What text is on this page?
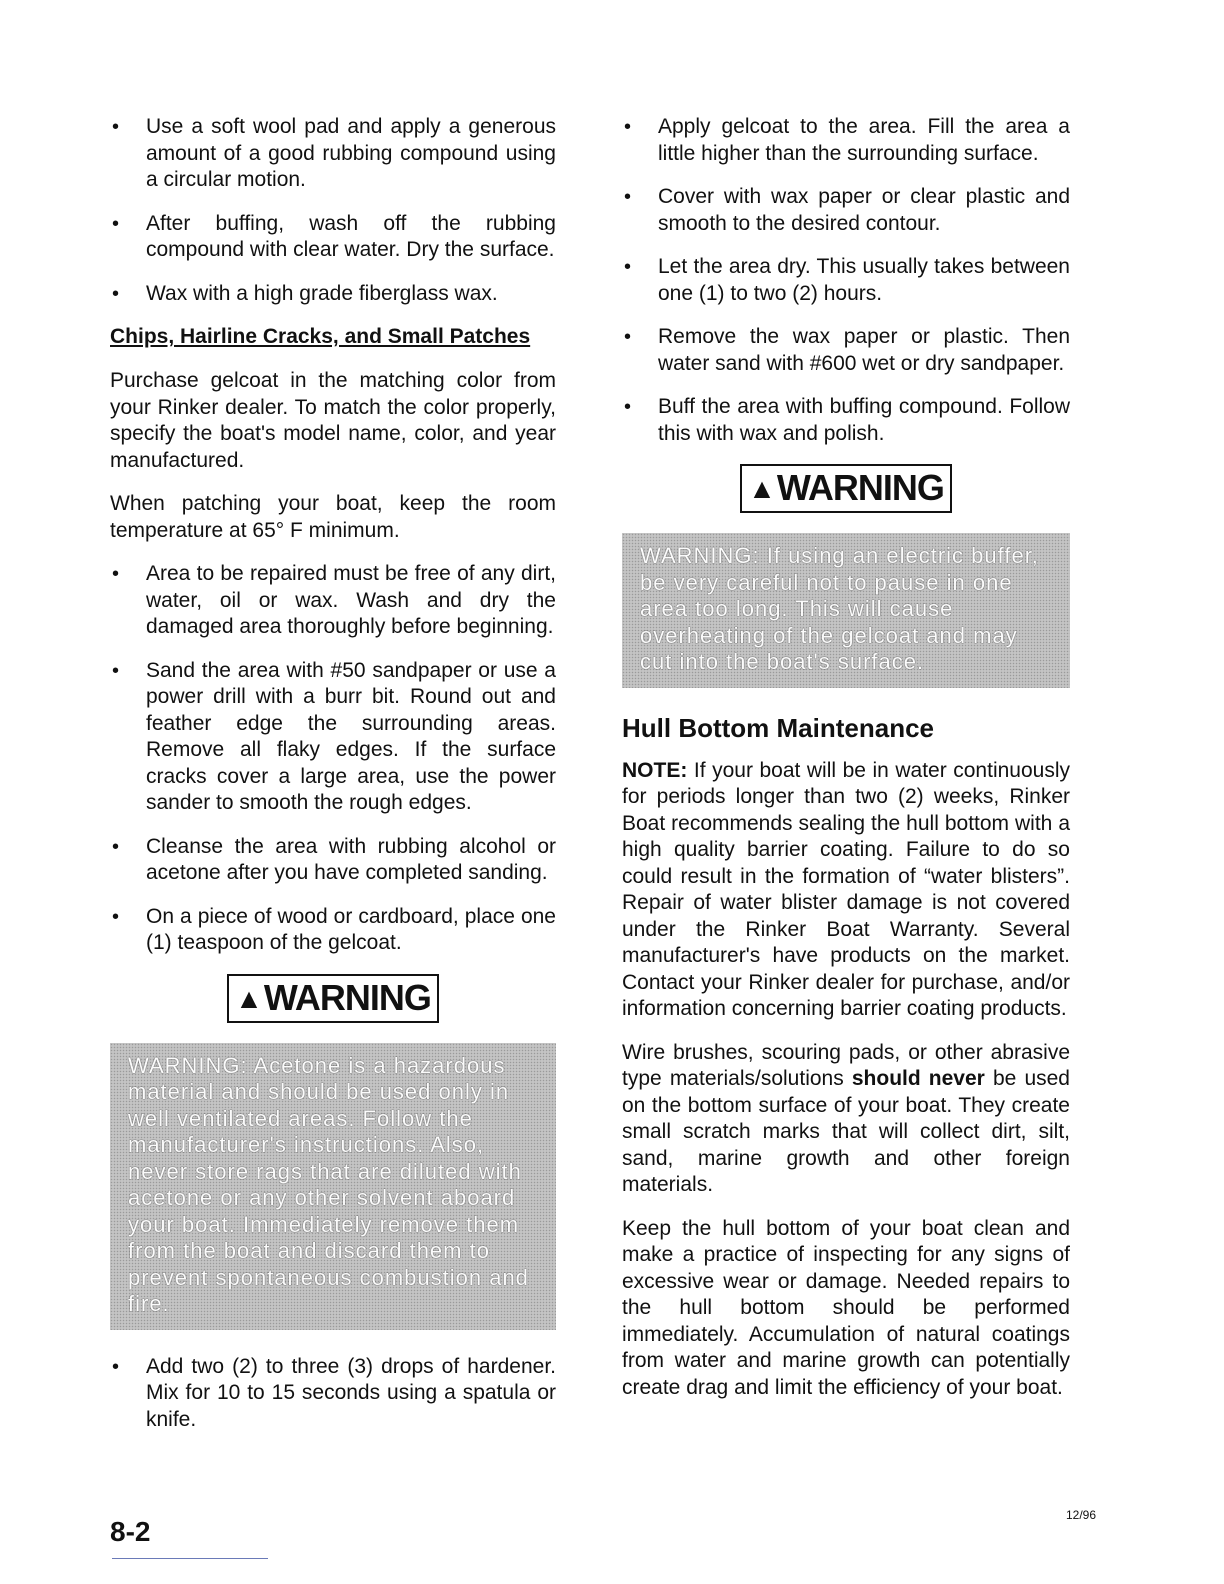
• Use a soft wool pad and apply a generous amount of a good rubbing compound using a circular motion.
• After buffing, wash off the rubbing compound with clear water. Dry the surface.
• Wax with a high grade fiberglass wax.
Chips, Hairline Cracks, and Small Patches

Purchase gelcoat in the matching color from your Rinker dealer. To match the color properly, specify the boat's model name, color, and year manufactured.

When patching your boat, keep the room temperature at 65° F minimum.

• Area to be repaired must be free of any dirt, water, oil or wax. Wash and dry the damaged area thoroughly before beginning.
• Sand the area with #50 sandpaper or use a power drill with a burr bit. Round out and feather edge the surrounding areas. Remove all flaky edges. If the surface cracks cover a large area, use the power sander to smooth the rough edges.
• Cleanse the area with rubbing alcohol or acetone after you have completed sanding.
• On a piece of wood or cardboard, place one (1) teaspoon of the gelcoat.
▲WARNING
WARNING: Acetone is a hazardous material and should be used only in well ventilated areas. Follow the manufacturer's instructions. Also, never store rags that are diluted with acetone or any other solvent aboard your boat. Immediately remove them from the boat and discard them to prevent spontaneous combustion and fire.
• Add two (2) to three (3) drops of hardener. Mix for 10 to 15 seconds using a spatula or knife.
• Apply gelcoat to the area. Fill the area a little higher than the surrounding surface.
• Cover with wax paper or clear plastic and smooth to the desired contour.
• Let the area dry. This usually takes between one (1) to two (2) hours.
• Remove the wax paper or plastic. Then water sand with #600 wet or dry sandpaper.
• Buff the area with buffing compound. Follow this with wax and polish.
▲WARNING
WARNING: If using an electric buffer, be very careful not to pause in one area too long. This will cause overheating of the gelcoat and may cut into the boat's surface.
Hull Bottom Maintenance

NOTE: If your boat will be in water continuously for periods longer than two (2) weeks, Rinker Boat recommends sealing the hull bottom with a high quality barrier coating. Failure to do so could result in the formation of “water blisters”. Repair of water blister damage is not covered under the Rinker Boat Warranty. Several manufacturer's have products on the market. Contact your Rinker dealer for purchase, and/or information concerning barrier coating products.

Wire brushes, scouring pads, or other abrasive type materials/solutions should never be used on the bottom surface of your boat. They create small scratch marks that will collect dirt, silt, sand, marine growth and other foreign materials.

Keep the hull bottom of your boat clean and make a practice of inspecting for any signs of excessive wear or damage. Needed repairs to the hull bottom should be performed immediately. Accumulation of natural coatings from water and marine growth can potentially create drag and limit the efficiency of your boat.

8-2
12/96
